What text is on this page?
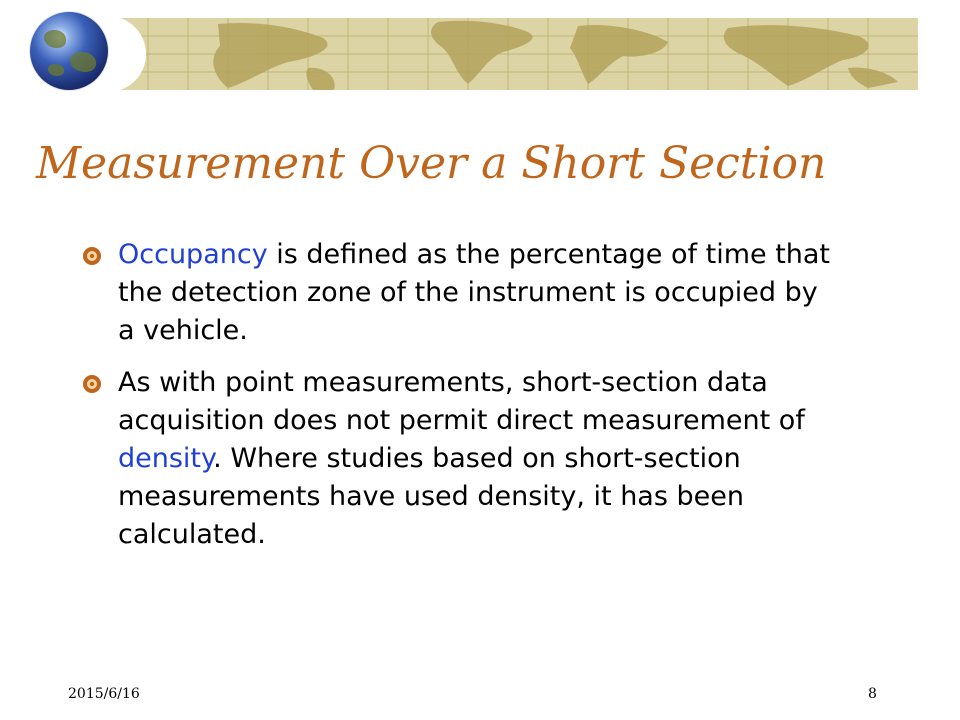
Measurement Over a Short Section
Occupancy is defined as the percentage of time that the detection zone of the instrument is occupied by a vehicle.
As with point measurements, short-section data acquisition does not permit direct measurement of density. Where studies based on short-section measurements have used density, it has been calculated.
2015/6/16	8
